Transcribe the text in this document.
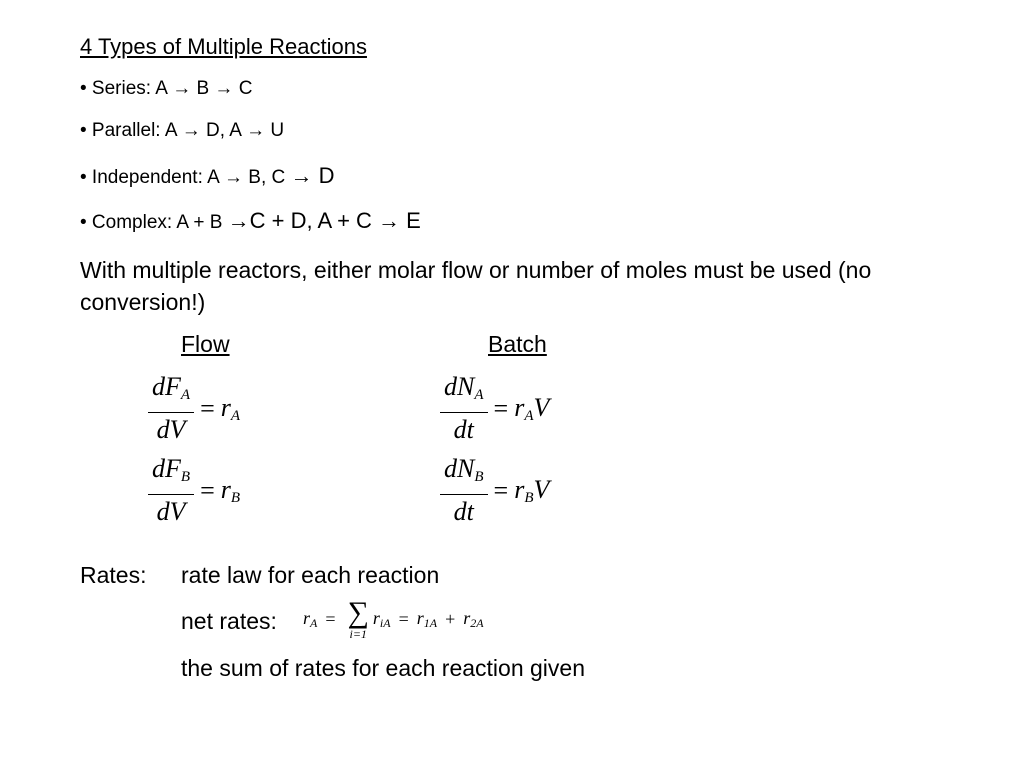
4 Types of Multiple Reactions
• Series: A → B → C
• Parallel: A → D, A → U
• Independent: A → B, C → D
• Complex: A + B →C + D, A + C → E
With multiple reactors, either molar flow or number of moles must be used (no conversion!)
Flow	Batch
$\frac{dF_A}{dV} = r_A$
$\frac{dF_B}{dV} = r_B$
$\frac{dN_A}{dt} = r_AV$
$\frac{dN_B}{dt} = r_BV$
Rates: rate law for each reaction
net rates: rA = ∑
i=1
riA = r1A + r2A
the sum of rates for each reaction given
